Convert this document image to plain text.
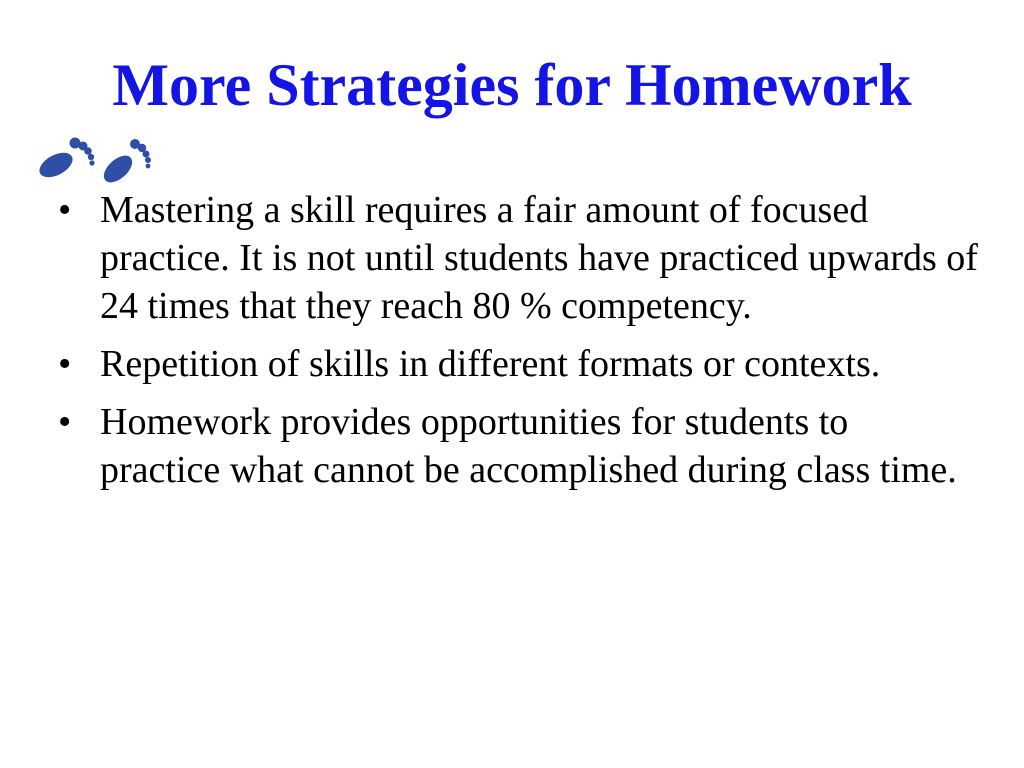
More Strategies for Homework
• Mastering a skill requires a fair amount of focused practice. It is not until students have practiced upwards of 24 times that they reach 80 % competency.
• Repetition of skills in different formats or contexts.
• Homework provides opportunities for students to practice what cannot be accomplished during class time.
